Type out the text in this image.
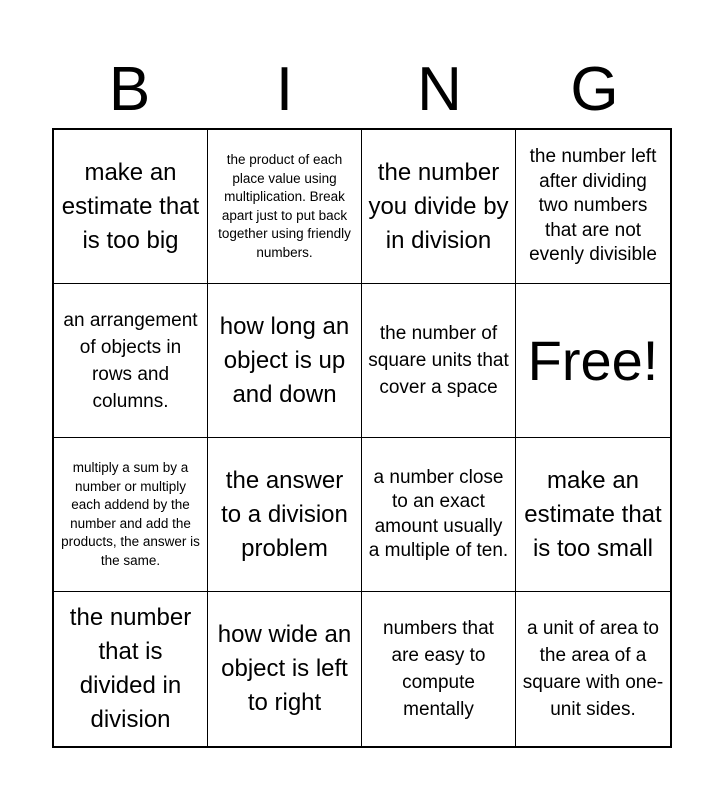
B	I	N	G
make an estimate that is too big
the product of each place value using multiplication. Break apart just to put back together using friendly numbers.
the number you divide by in division
the number left after dividing two numbers that are not evenly divisible
an arrangement of objects in rows and columns.
how long an object is up and down
the number of square units that cover a space Free!
multiply a sum by a number or multiply each addend by the number and add the products, the answer is the same.
the answer to a division problem
a number close to an exact amount usually a multiple of ten.
make an estimate that is too small
the number that is divided in division
how wide an object is left to right
numbers that are easy to compute mentally
a unit of area to the area of a square with one-unit sides.
